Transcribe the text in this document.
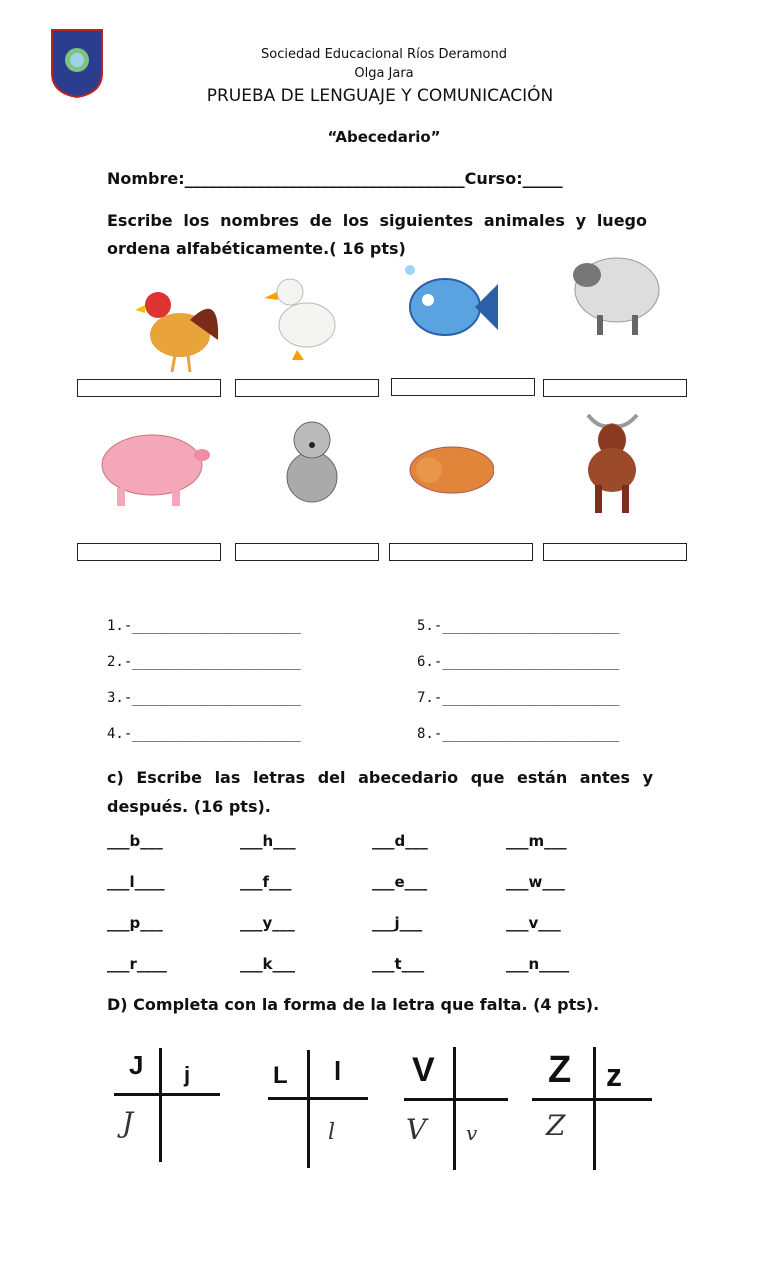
Sociedad Educacional Ríos Deramond
Olga Jara
PRUEBA DE LENGUAJE Y COMUNICACIÓN
“Abecedario”
Nombre:___________________________________Curso:_____
Escribe los nombres de los siguientes animales y luego ordena alfabéticamente.( 16 pts)
1.-____________________
2.-____________________
3.-____________________
4.-____________________
5.-_____________________
6.-_____________________
7.-_____________________
8.-_____________________
c) Escribe las letras del abecedario que están antes y después. (16 pts).
___b___	___h___	___d___	___m___
___l____	___f___	___e___	___w___
___p___	___y___	___j___	___v___
___r____	___k___	___t___	___n____
D) Completa con la forma de la letra que falta. (4 pts).
J j
J
L l
l
V
V v
Z z
Z
